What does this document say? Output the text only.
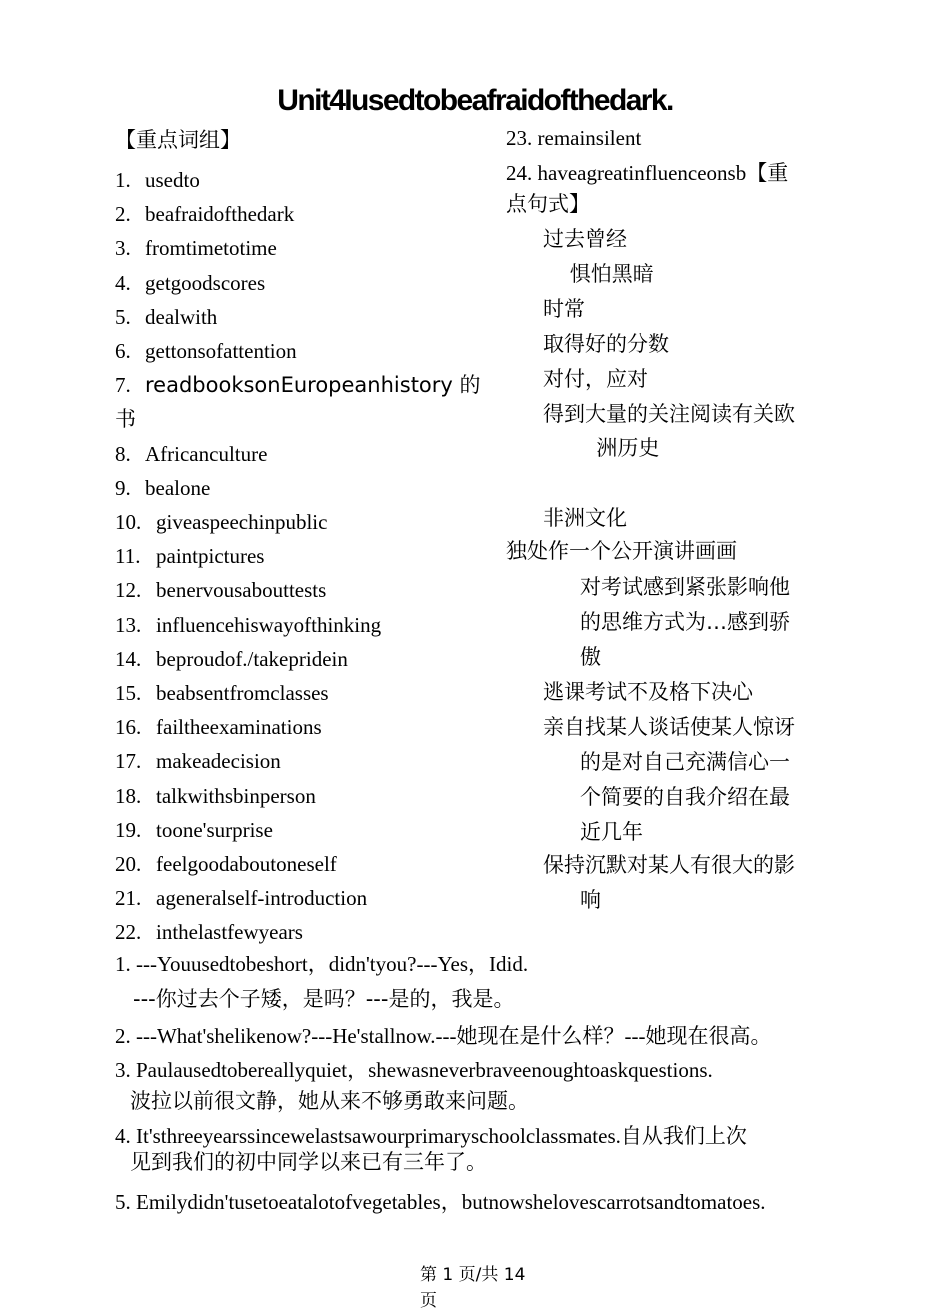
Unit4Iusedtobeafraidofthedark.
【重点词组】
1. usedto
2. beafraidofthedark
3. fromtimetotime
4. getgoodscores
5. dealwith
6. gettonsofattention
7. readbooksonEuropeanhistory 的
书
8. Africanculture
9. bealone
10. giveaspeechinpublic
11. paintpictures
12. benervousabouttests
13. influencehiswayofthinking
14. beproudof./takepridein
15. beabsentfromclasses
16. failtheexaminations
17. makeadecision
18. talkwithsbinperson
19. toone'surprise
20. feelgoodaboutoneself
21. ageneralself-introduction
22. inthelastfewyears
23. remainsilent
24. haveagreatinfluenceonsb【重
点句式】
过去曾经
惧怕黑暗
时常
取得好的分数
对付，应对
得到大量的关注阅读有关欧
洲历史
非洲文化
独处作一个公开演讲画画
对考试感到紧张影响他
的思维方式为…感到骄
傲
逃课考试不及格下决心
亲自找某人谈话使某人惊讶
的是对自己充满信心一
个简要的自我介绍在最
近几年
保持沉默对某人有很大的影
响
1. ---Youusedtobeshort，didn'tyou?---Yes，Idid.
---你过去个子矮，是吗？---是的，我是。
2. ---What'shelikenow?---He'stallnow.---她现在是什么样？---她现在很高。
3. Paulausedtobereallyquiet，shewasneverbraveenoughtoaskquestions.
波拉以前很文静，她从来不够勇敢来问题。
4. It'sthreeyearssincewelastsawourprimaryschoolclassmates.自从我们上次
见到我们的初中同学以来已有三年了。
5. Emilydidn'tusetoeatalotofvegetables，butnowshelovescarrotsandtomatoes.
第 1 页/共 14
页
